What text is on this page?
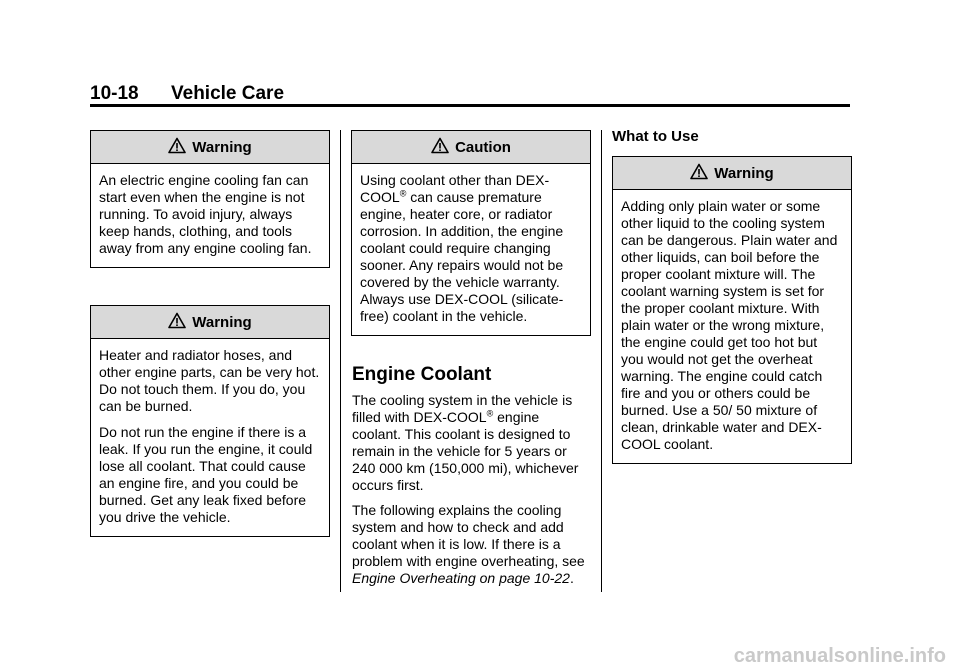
10-18 Vehicle Care
Warning

An electric engine cooling fan can start even when the engine is not running. To avoid injury, always keep hands, clothing, and tools away from any engine cooling fan.

Warning

Heater and radiator hoses, and other engine parts, can be very hot. Do not touch them. If you do, you can be burned.

Do not run the engine if there is a leak. If you run the engine, it could lose all coolant. That could cause an engine fire, and you could be burned. Get any leak fixed before you drive the vehicle.

Caution

Using coolant other than DEX-COOL® can cause premature engine, heater core, or radiator corrosion. In addition, the engine coolant could require changing sooner. Any repairs would not be covered by the vehicle warranty. Always use DEX-COOL (silicate-free) coolant in the vehicle.

Engine Coolant

The cooling system in the vehicle is filled with DEX-COOL® engine coolant. This coolant is designed to remain in the vehicle for 5 years or 240 000 km (150,000 mi), whichever occurs first.

The following explains the cooling system and how to check and add coolant when it is low. If there is a problem with engine overheating, see Engine Overheating on page 10-22.

What to Use
Warning

Adding only plain water or some other liquid to the cooling system can be dangerous. Plain water and other liquids, can boil before the proper coolant mixture will. The coolant warning system is set for the proper coolant mixture. With plain water or the wrong mixture, the engine could get too hot but you would not get the overheat warning. The engine could catch fire and you or others could be burned. Use a 50/ 50 mixture of clean, drinkable water and DEX-COOL coolant.

carmanualsonline.info
